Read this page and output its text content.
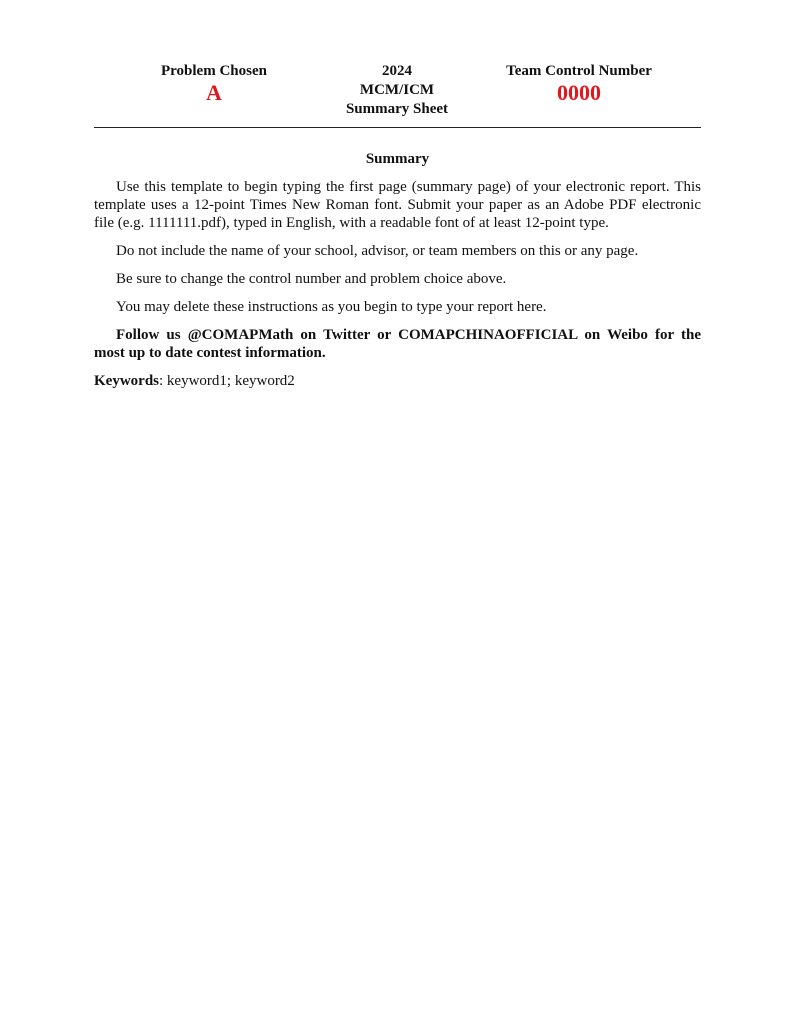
Problem Chosen
A
2024
MCM/ICM
Summary Sheet
Team Control Number
0000
Summary

Use this template to begin typing the first page (summary page) of your electronic report. This template uses a 12-point Times New Roman font. Submit your paper as an Adobe PDF electronic file (e.g. 1111111.pdf), typed in English, with a readable font of at least 12-point type.

Do not include the name of your school, advisor, or team members on this or any page.

Be sure to change the control number and problem choice above.

You may delete these instructions as you begin to type your report here.

Follow us @COMAPMath on Twitter or COMAPCHINAOFFICIAL on Weibo for the most up to date contest information.

Keywords: keyword1; keyword2
